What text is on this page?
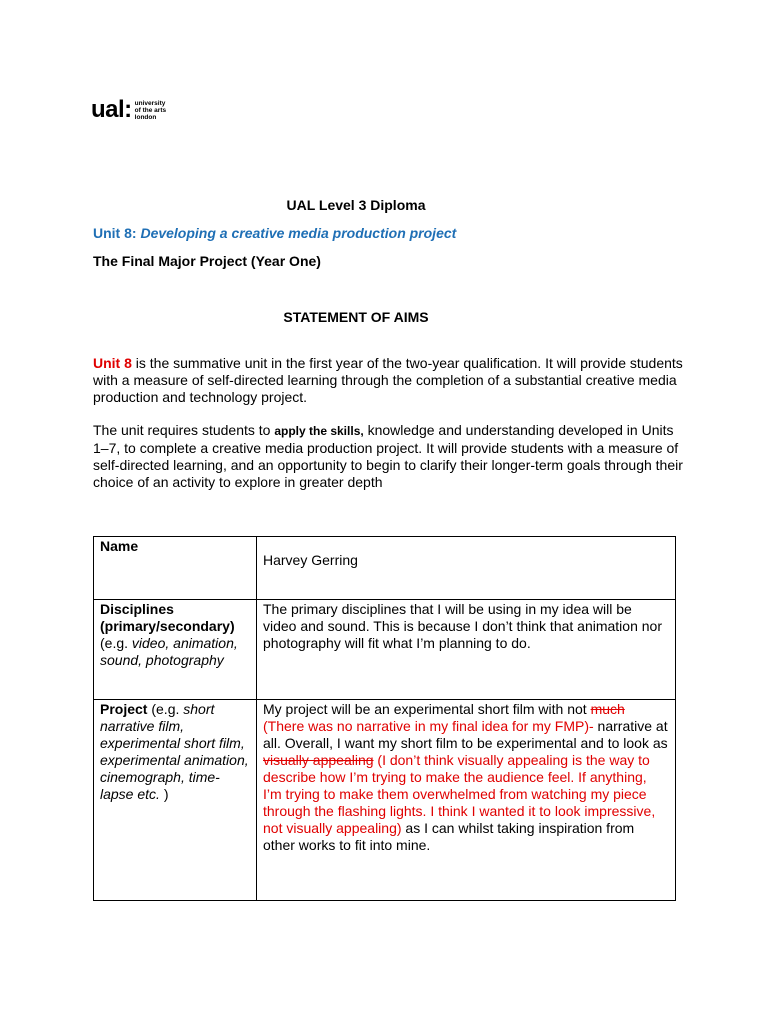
ual: university
of the arts
london
UAL Level 3 Diploma
Unit 8: Developing a creative media production project
The Final Major Project (Year One)
STATEMENT OF AIMS
Unit 8 is the summative unit in the first year of the two-year qualification. It will provide students with a measure of self-directed learning through the completion of a substantial creative media production and technology project.
The unit requires students to apply the skills, knowledge and understanding developed in Units 1–7, to complete a creative media production project. It will provide students with a measure of self-directed learning, and an opportunity to begin to clarify their longer-term goals through their choice of an activity to explore in greater depth
Name	Harvey Gerring
Disciplines (primary/secondary)
(e.g. video, animation, sound, photography	The primary disciplines that I will be using in my idea will be video and sound. This is because I don’t think that animation nor photography will fit what I’m planning to do.
Project (e.g. short narrative film, experimental short film, experimental animation, cinemograph, time-lapse etc. )	My project will be an experimental short film with not much (There was no narrative in my final idea for my FMP)- narrative at all. Overall, I want my short film to be experimental and to look as visually appealing (I don’t think visually appealing is the way to describe how I’m trying to make the audience feel. If anything, I’m trying to make them overwhelmed from watching my piece through the flashing lights. I think I wanted it to look impressive, not visually appealing) as I can whilst taking inspiration from other works to fit into mine.
